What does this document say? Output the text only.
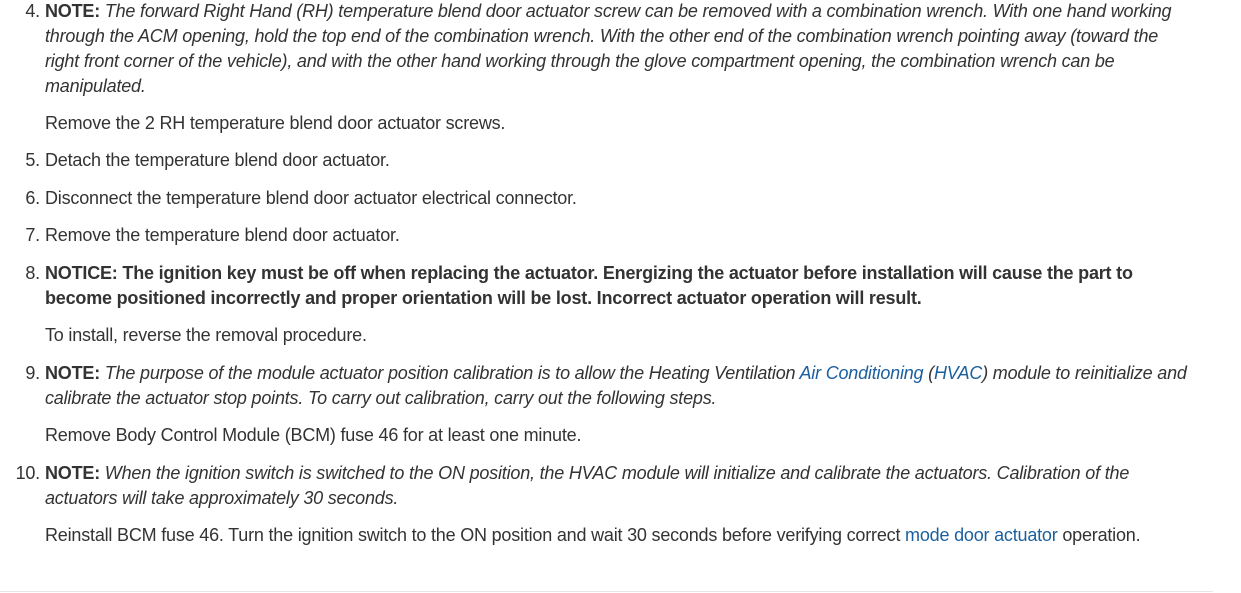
4. NOTE: The forward Right Hand (RH) temperature blend door actuator screw can be removed with a combination wrench. With one hand working through the ACM opening, hold the top end of the combination wrench. With the other end of the combination wrench pointing away (toward the right front corner of the vehicle), and with the other hand working through the glove compartment opening, the combination wrench can be manipulated.
Remove the 2 RH temperature blend door actuator screws.
5. Detach the temperature blend door actuator.
6. Disconnect the temperature blend door actuator electrical connector.
7. Remove the temperature blend door actuator.
8. NOTICE: The ignition key must be off when replacing the actuator. Energizing the actuator before installation will cause the part to become positioned incorrectly and proper orientation will be lost. Incorrect actuator operation will result.
To install, reverse the removal procedure.
9. NOTE: The purpose of the module actuator position calibration is to allow the Heating Ventilation Air Conditioning (HVAC) module to reinitialize and calibrate the actuator stop points. To carry out calibration, carry out the following steps.
Remove Body Control Module (BCM) fuse 46 for at least one minute.
10. NOTE: When the ignition switch is switched to the ON position, the HVAC module will initialize and calibrate the actuators. Calibration of the actuators will take approximately 30 seconds.
Reinstall BCM fuse 46. Turn the ignition switch to the ON position and wait 30 seconds before verifying correct mode door actuator operation.
